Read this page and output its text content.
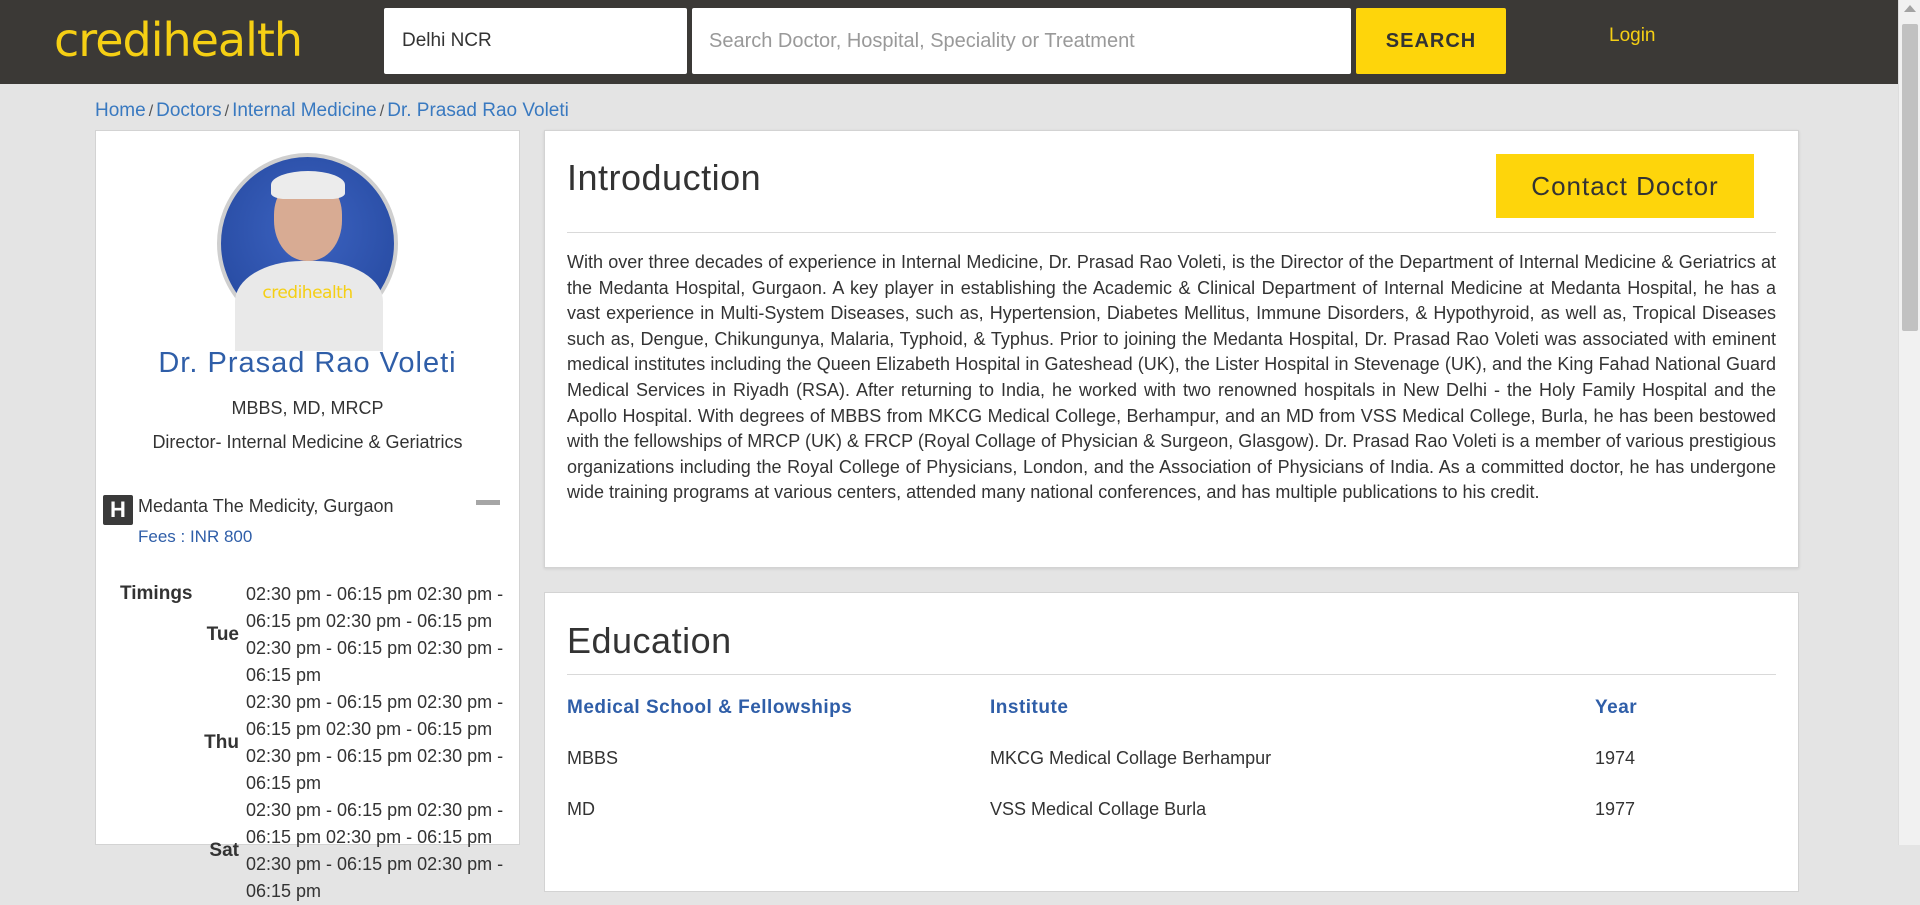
credihealth
Delhi NCR
Search Doctor, Hospital, Speciality or Treatment	SEARCH	Login
Home / Doctors / Internal Medicine / Dr. Prasad Rao Voleti
credihealth
Dr. Prasad Rao Voleti
MBBS, MD, MRCP
Director- Internal Medicine & Geriatrics
H Medanta The Medicity, Gurgaon
Fees : INR 800
Timings
Tue
02:30 pm - 06:15 pm 02:30 pm - 06:15 pm 02:30 pm - 06:15 pm 02:30 pm - 06:15 pm 02:30 pm - 06:15 pm
Thu
02:30 pm - 06:15 pm 02:30 pm - 06:15 pm 02:30 pm - 06:15 pm 02:30 pm - 06:15 pm 02:30 pm - 06:15 pm
Sat
02:30 pm - 06:15 pm 02:30 pm - 06:15 pm 02:30 pm - 06:15 pm 02:30 pm - 06:15 pm 02:30 pm - 06:15 pm
Introduction	Contact Doctor

With over three decades of experience in Internal Medicine, Dr. Prasad Rao Voleti, is the Director of the Department of Internal Medicine & Geriatrics at the Medanta Hospital, Gurgaon. A key player in establishing the Academic & Clinical Department of Internal Medicine at Medanta Hospital, he has a vast experience in Multi-System Diseases, such as, Hypertension, Diabetes Mellitus, Immune Disorders, & Hypothyroid, as well as, Tropical Diseases such as, Dengue, Chikungunya, Malaria, Typhoid, & Typhus. Prior to joining the Medanta Hospital, Dr. Prasad Rao Voleti was associated with eminent medical institutes including the Queen Elizabeth Hospital in Gateshead (UK), the Lister Hospital in Stevenage (UK), and the King Fahad National Guard Medical Services in Riyadh (RSA). After returning to India, he worked with two renowned hospitals in New Delhi - the Holy Family Hospital and the Apollo Hospital. With degrees of MBBS from MKCG Medical College, Berhampur, and an MD from VSS Medical College, Burla, he has been bestowed with the fellowships of MRCP (UK) & FRCP (Royal Collage of Physician & Surgeon, Glasgow). Dr. Prasad Rao Voleti is a member of various prestigious organizations including the Royal College of Physicians, London, and the Association of Physicians of India. As a committed doctor, he has undergone wide training programs at various centers, attended many national conferences, and has multiple publications to his credit.

Education
Medical School & Fellowships	Institute	Year
MBBS	MKCG Medical Collage Berhampur	1974
MD	VSS Medical Collage Burla	1977
